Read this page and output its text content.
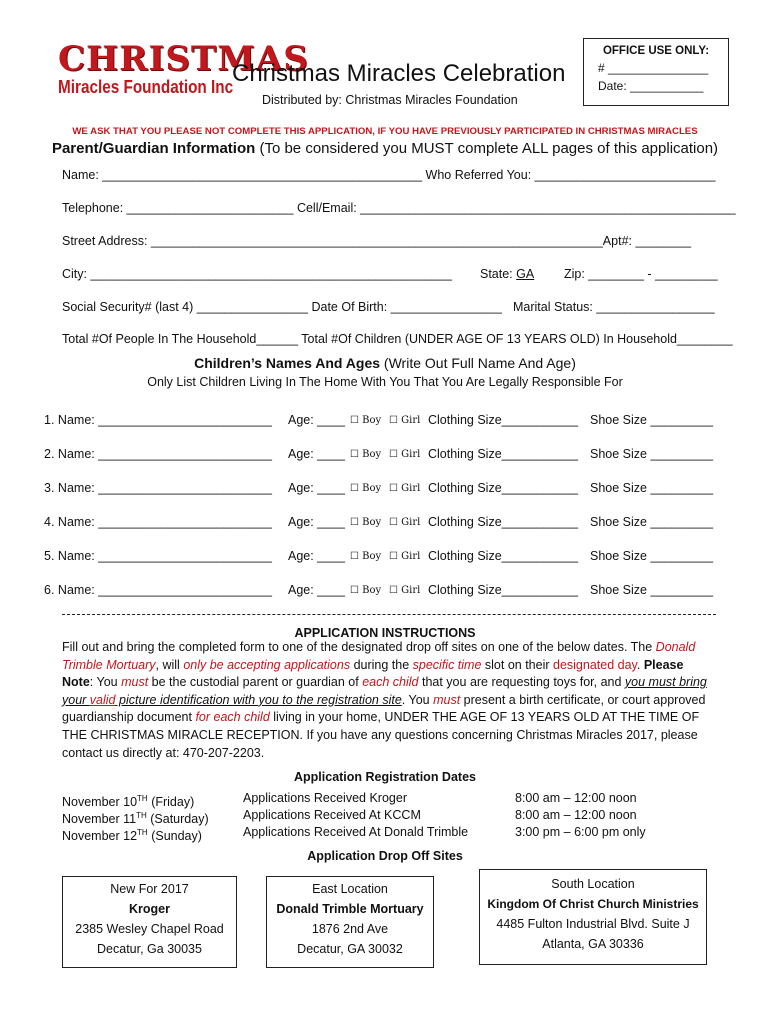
CHRISTMAS
Miracles Foundation Inc
Christmas Miracles Celebration
Distributed by: Christmas Miracles Foundation
OFFICE USE ONLY:
# _______________
Date: ___________
WE ASK THAT YOU PLEASE NOT COMPLETE THIS APPLICATION, IF YOU HAVE PREVIOUSLY PARTICIPATED IN CHRISTMAS MIRACLES
Parent/Guardian Information (To be considered you MUST complete ALL pages of this application)
Name: ______________________________________________ Who Referred You: __________________________
Telephone: ________________________ Cell/Email: ______________________________________________________
Street Address: _________________________________________________________________Apt#: ________
City: ____________________________________________________ State: GA Zip: ________ - _________
Social Security# (last 4) ________________ Date Of Birth: ________________ Marital Status: _________________
Total #Of People In The Household______ Total #Of Children (UNDER AGE OF 13 YEARS OLD) In Household________
Children’s Names And Ages (Write Out Full Name And Age)
Only List Children Living In The Home With You That You Are Legally Responsible For
1. Name: _________________________ Age: ____ ☐ Boy ☐ Girl Clothing Size___________ Shoe Size _________
2. Name: _________________________ Age: ____ ☐ Boy ☐ Girl Clothing Size___________ Shoe Size _________
3. Name: _________________________ Age: ____ ☐ Boy ☐ Girl Clothing Size___________ Shoe Size _________
4. Name: _________________________ Age: ____ ☐ Boy ☐ Girl Clothing Size___________ Shoe Size _________
5. Name: _________________________ Age: ____ ☐ Boy ☐ Girl Clothing Size___________ Shoe Size _________
6. Name: _________________________ Age: ____ ☐ Boy ☐ Girl Clothing Size___________ Shoe Size _________
APPLICATION INSTRUCTIONS
Fill out and bring the completed form to one of the designated drop off sites on one of the below dates. The Donald Trimble Mortuary, will only be accepting applications during the specific time slot on their designated day. Please Note: You must be the custodial parent or guardian of each child that you are requesting toys for, and you must bring your valid picture identification with you to the registration site. You must present a birth certificate, or court approved guardianship document for each child living in your home, UNDER THE AGE OF 13 YEARS OLD AT THE TIME OF THE CHRISTMAS MIRACLE RECEPTION. If you have any questions concerning Christmas Miracles 2017, please contact us directly at: 470-207-2203.
Application Registration Dates
November 10TH (Friday)	Applications Received Kroger	8:00 am – 12:00 noon
November 11TH (Saturday)	Applications Received At KCCM	8:00 am – 12:00 noon
November 12TH (Sunday)	Applications Received At Donald Trimble	3:00 pm – 6:00 pm only
Application Drop Off Sites
New For 2017
Kroger
2385 Wesley Chapel Road
Decatur, Ga 30035
East Location
Donald Trimble Mortuary
1876 2nd Ave
Decatur, GA 30032
South Location
Kingdom Of Christ Church Ministries
4485 Fulton Industrial Blvd. Suite J
Atlanta, GA 30336
